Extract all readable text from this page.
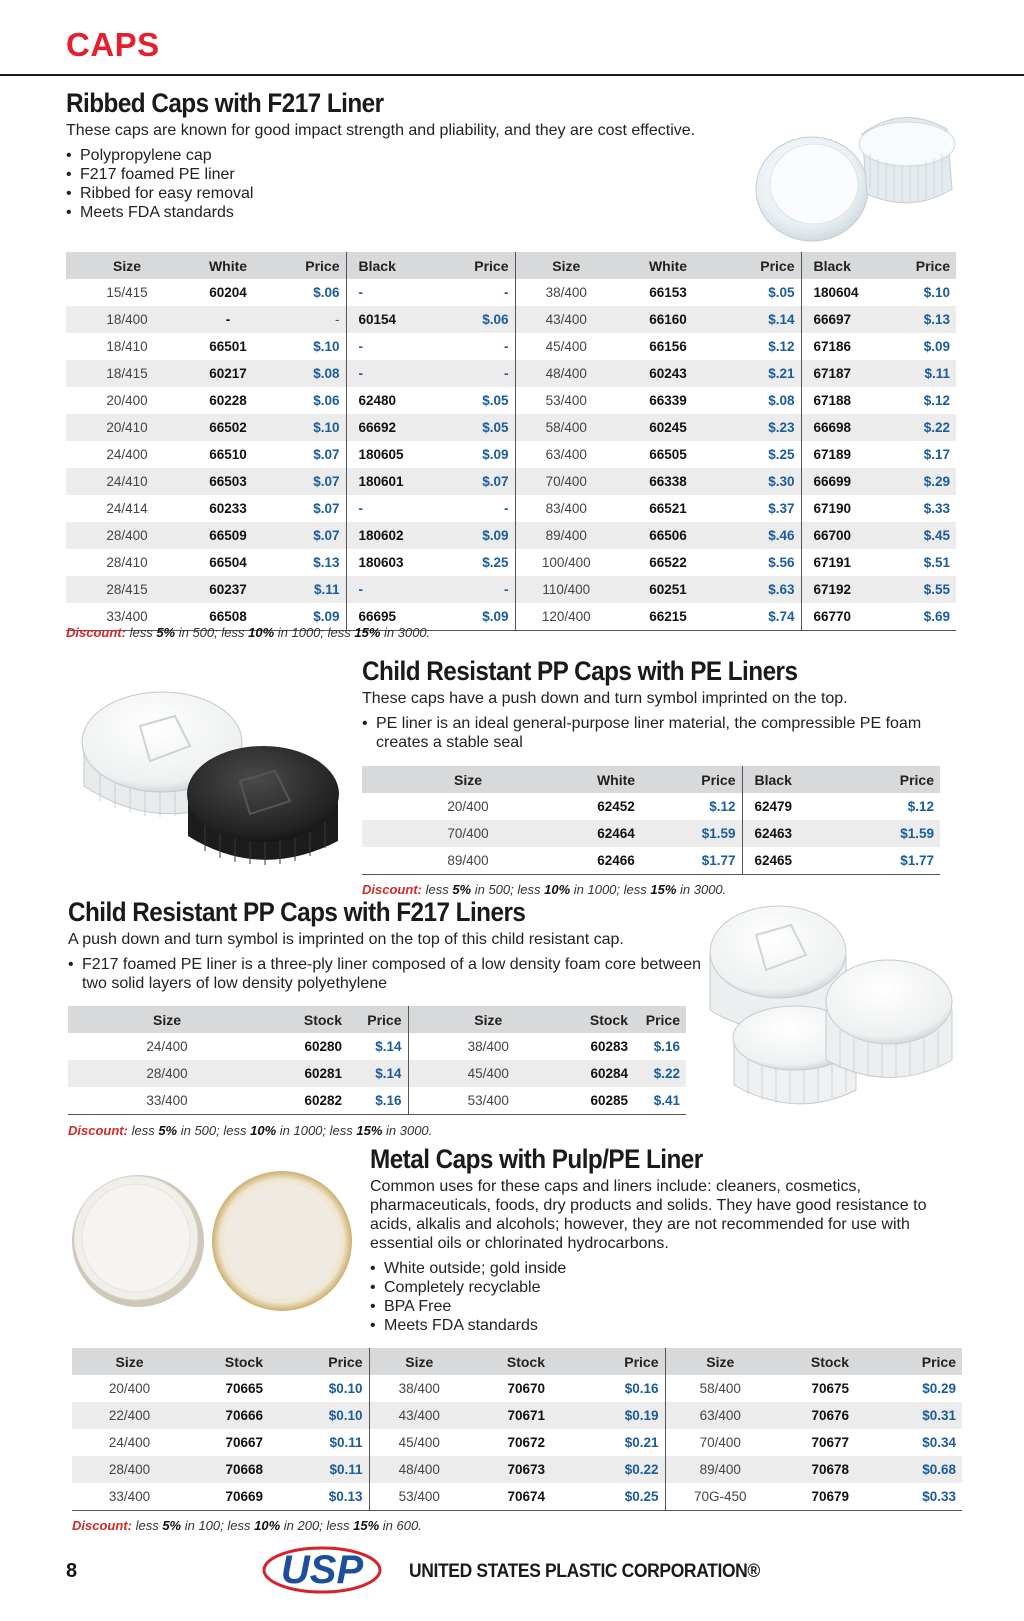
CAPS
Ribbed Caps with F217 Liner

These caps are known for good impact strength and pliability, and they are cost effective.

• Polypropylene cap
• F217 foamed PE liner
• Ribbed for easy removal
• Meets FDA standards
Size	White	Price	Black	Price	Size	White	Price	Black	Price
15/415	60204	$.06	-	-	38/400	66153	$.05	180604	$.10
18/400	-	-	60154	$.06	43/400	66160	$.14	66697	$.13
18/410	66501	$.10	-	-	45/400	66156	$.12	67186	$.09
18/415	60217	$.08	-	-	48/400	60243	$.21	67187	$.11
20/400	60228	$.06	62480	$.05	53/400	66339	$.08	67188	$.12
20/410	66502	$.10	66692	$.05	58/400	60245	$.23	66698	$.22
24/400	66510	$.07	180605	$.09	63/400	66505	$.25	67189	$.17
24/410	66503	$.07	180601	$.07	70/400	66338	$.30	66699	$.29
24/414	60233	$.07	-	-	83/400	66521	$.37	67190	$.33
28/400	66509	$.07	180602	$.09	89/400	66506	$.46	66700	$.45
28/410	66504	$.13	180603	$.25	100/400	66522	$.56	67191	$.51
28/415	60237	$.11	-	-	110/400	60251	$.63	67192	$.55
33/400	66508	$.09	66695	$.09	120/400	66215	$.74	66770	$.69
Discount: less 5% in 500; less 10% in 1000; less 15% in 3000.
Child Resistant PP Caps with PE Liners

These caps have a push down and turn symbol imprinted on the top.

• PE liner is an ideal general-purpose liner material, the compressible PE foam creates a stable seal
Size	White	Price	Black	Price
20/400	62452	$.12	62479	$.12
70/400	62464	$1.59	62463	$1.59
89/400	62466	$1.77	62465	$1.77
Discount: less 5% in 500; less 10% in 1000; less 15% in 3000.
Child Resistant PP Caps with F217 Liners

A push down and turn symbol is imprinted on the top of this child resistant cap.

• F217 foamed PE liner is a three-ply liner composed of a low density foam core between two solid layers of low density polyethylene
Size	Stock	Price	Size	Stock	Price
24/400	60280	$.14	38/400	60283	$.16
28/400	60281	$.14	45/400	60284	$.22
33/400	60282	$.16	53/400	60285	$.41
Discount: less 5% in 500; less 10% in 1000; less 15% in 3000.
Metal Caps with Pulp/PE Liner

Common uses for these caps and liners include: cleaners, cosmetics, pharmaceuticals, foods, dry products and solids. They have good resistance to acids, alkalis and alcohols; however, they are not recommended for use with essential oils or chlorinated hydrocarbons.

• White outside; gold inside
• Completely recyclable
• BPA Free
• Meets FDA standards
Size	Stock	Price	Size	Stock	Price	Size	Stock	Price
20/400	70665	$0.10	38/400	70670	$0.16	58/400	70675	$0.29
22/400	70666	$0.10	43/400	70671	$0.19	63/400	70676	$0.31
24/400	70667	$0.11	45/400	70672	$0.21	70/400	70677	$0.34
28/400	70668	$0.11	48/400	70673	$0.22	89/400	70678	$0.68
33/400	70669	$0.13	53/400	70674	$0.25	70G-450	70679	$0.33
Discount: less 5% in 100; less 10% in 200; less 15% in 600.
8	USP UNITED STATES PLASTIC CORPORATION®
